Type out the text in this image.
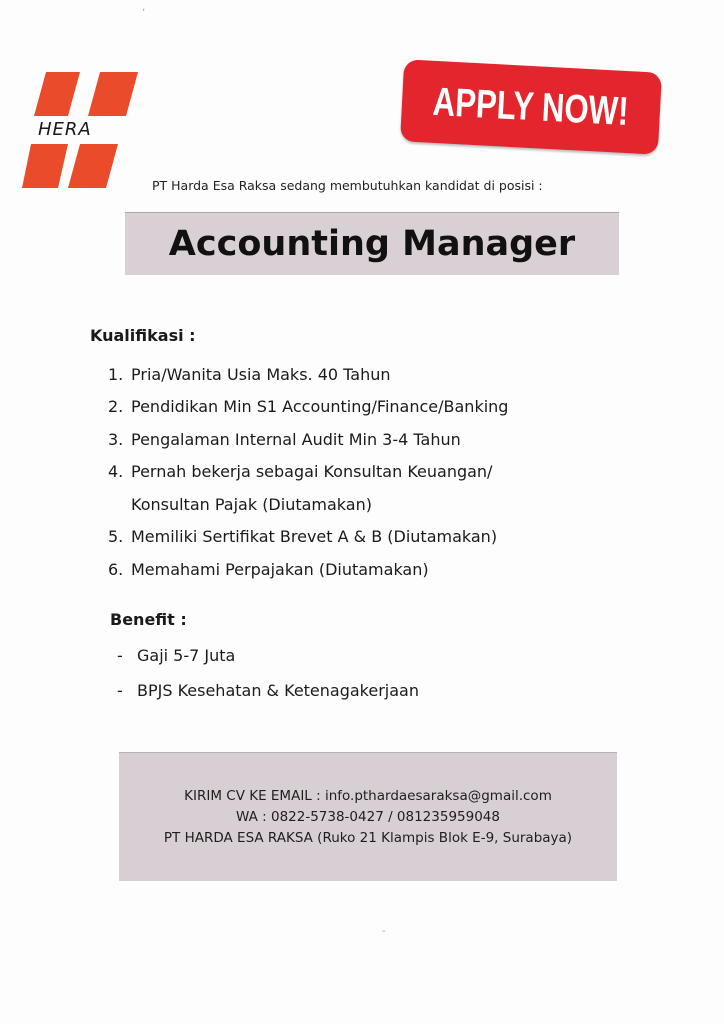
HERA	APPLY NOW!
PT Harda Esa Raksa sedang membutuhkan kandidat di posisi :
Accounting Manager
Kualifikasi :
1. Pria/Wanita Usia Maks. 40 Tahun
2. Pendidikan Min S1 Accounting/Finance/Banking
3. Pengalaman Internal Audit Min 3-4 Tahun
4. Pernah bekerja sebagai Konsultan Keuangan/
Konsultan Pajak (Diutamakan)
5. Memiliki Sertifikat Brevet A & B (Diutamakan)
6. Memahami Perpajakan (Diutamakan)
Benefit :
- Gaji 5-7 Juta
- BPJS Kesehatan & Ketenagakerjaan
KIRIM CV KE EMAIL : info.pthardaesaraksa@gmail.com
WA : 0822-5738-0427 / 081235959048
PT HARDA ESA RAKSA (Ruko 21 Klampis Blok E-9, Surabaya)
ʼ
‐
